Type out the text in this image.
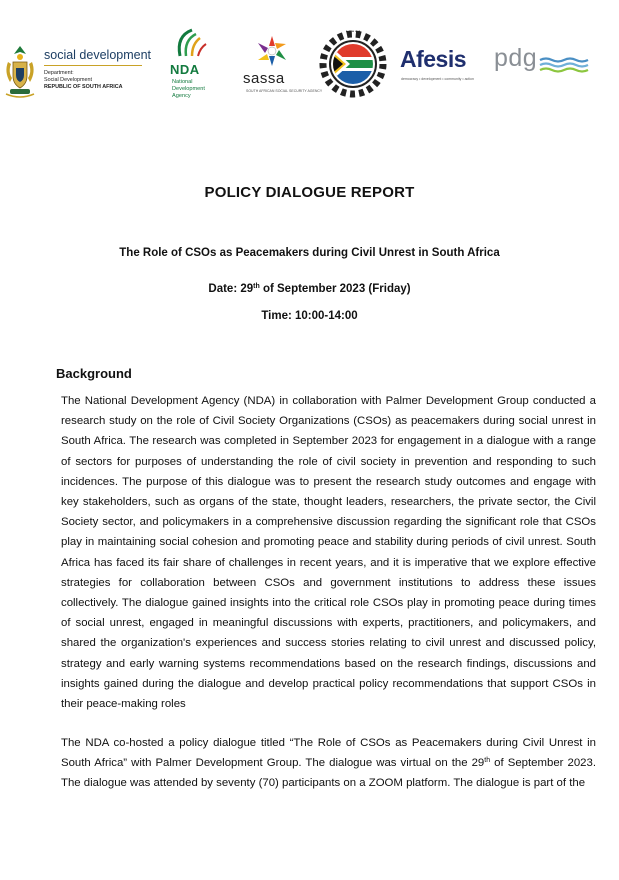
social development
Department:
Social Development
REPUBLIC OF SOUTH AFRICA
NDA
National
Development
Agency
sassa
SOUTH AFRICAN SOCIAL SECURITY AGENCY
• • • • •
Afesis
democracy • development • community • action
pdg
POLICY DIALOGUE REPORT
The Role of CSOs as Peacemakers during Civil Unrest in South Africa
Date: 29th of September 2023 (Friday)
Time: 10:00-14:00
Background

The National Development Agency (NDA) in collaboration with Palmer Development Group conducted a research study on the role of Civil Society Organizations (CSOs) as peacemakers during social unrest in South Africa. The research was completed in September 2023 for engagement in a dialogue with a range of sectors for purposes of understanding the role of civil society in prevention and responding to such incidences. The purpose of this dialogue was to present the research study outcomes and engage with key stakeholders, such as organs of the state, thought leaders, researchers, the private sector, the Civil Society sector, and policymakers in a comprehensive discussion regarding the significant role that CSOs play in maintaining social cohesion and promoting peace and stability during periods of civil unrest. South Africa has faced its fair share of challenges in recent years, and it is imperative that we explore effective strategies for collaboration between CSOs and government institutions to address these issues collectively. The dialogue gained insights into the critical role CSOs play in promoting peace during times of social unrest, engaged in meaningful discussions with experts, practitioners, and policymakers, and shared the organization's experiences and success stories relating to civil unrest and discussed policy, strategy and early warning systems recommendations based on the research findings, discussions and insights gained during the dialogue and develop practical policy recommendations that support CSOs in their peace-making roles

The NDA co-hosted a policy dialogue titled “The Role of CSOs as Peacemakers during Civil Unrest in South Africa” with Palmer Development Group. The dialogue was virtual on the 29th of September 2023. The dialogue was attended by seventy (70) participants on a ZOOM platform. The dialogue is part of the
